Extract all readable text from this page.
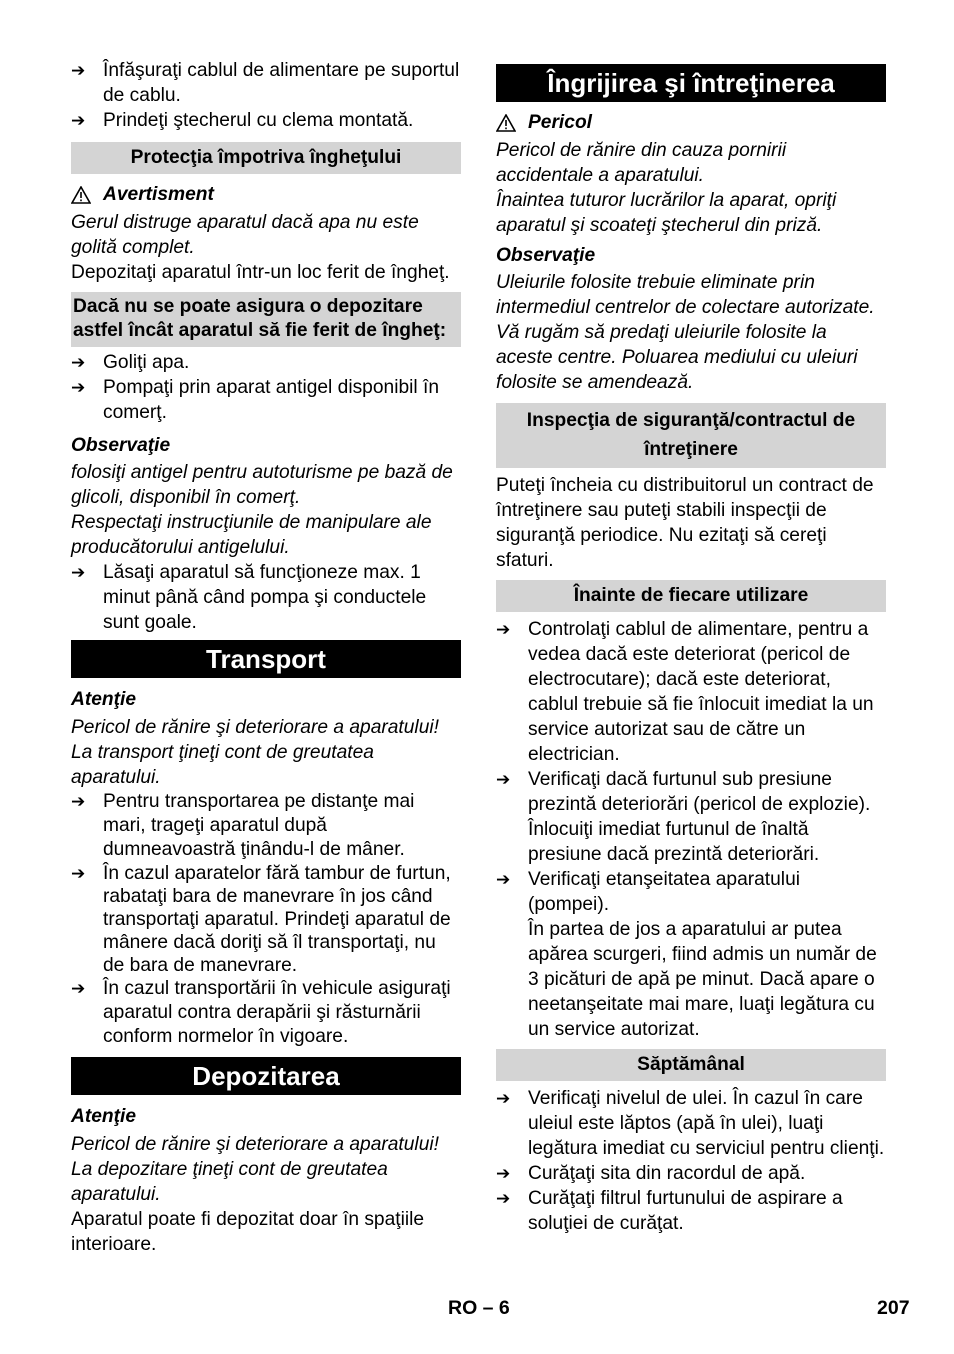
➔ Înfăşuraţi cablul de alimentare pe suportul de cablu.
➔ Prindeţi ştecherul cu clema montată.
Protecţia împotriva îngheţului
Avertisment

Gerul distruge aparatul dacă apa nu este golită complet.

Depozitaţi aparatul într-un loc ferit de îngheţ.

Dacă nu se poate asigura o depozitare astfel încât aparatul să fie ferit de îngheţ:
➔ Goliţi apa.
➔ Pompaţi prin aparat antigel disponibil în comerţ.

Observaţie

folosiţi antigel pentru autoturisme pe bază de glicoli, disponibil în comerţ.

Respectaţi instrucţiunile de manipulare ale producătorului antigelului.

➔ Lăsaţi aparatul să funcţioneze max. 1 minut până când pompa şi conductele sunt goale.
Transport

Atenţie

Pericol de rănire şi deteriorare a aparatului!

La transport ţineţi cont de greutatea aparatului.

➔ Pentru transportarea pe distanţe mai mari, trageţi aparatul după dumneavoastră ţinându-l de mâner.
➔ În cazul aparatelor fără tambur de furtun, rabataţi bara de manevrare în jos când transportaţi aparatul. Prindeţi aparatul de mânere dacă doriţi să îl transportaţi, nu de bara de manevrare.
➔ În cazul transportării în vehicule asiguraţi aparatul contra derapării şi răsturnării conform normelor în vigoare.
Depozitarea

Atenţie

Pericol de rănire şi deteriorare a aparatului!

La depozitare ţineţi cont de greutatea aparatului.

Aparatul poate fi depozitat doar în spaţiile interioare.

Îngrijirea şi întreţinerea
Pericol

Pericol de rănire din cauza pornirii accidentale a aparatului.

Înaintea tuturor lucrărilor la aparat, opriţi aparatul şi scoateţi ştecherul din priză.

Observaţie

Uleiurile folosite trebuie eliminate prin intermediul centrelor de colectare autorizate. Vă rugăm să predaţi uleiurile folosite la aceste centre. Poluarea mediului cu uleiuri folosite se amendează.

Inspecţia de siguranţă/contractul de întreţinere

Puteţi încheia cu distribuitorul un contract de întreţinere sau puteţi stabili inspecţii de siguranţă periodice. Nu ezitaţi să cereţi sfaturi.

Înainte de fiecare utilizare
➔ Controlaţi cablul de alimentare, pentru a vedea dacă este deteriorat (pericol de electrocutare); dacă este deteriorat, cablul trebuie să fie înlocuit imediat la un service autorizat sau de către un electrician.
➔ Verificaţi dacă furtunul sub presiune prezintă deteriorări (pericol de explozie). Înlocuiţi imediat furtunul de înaltă presiune dacă prezintă deteriorări.
➔ Verificaţi etanşeitatea aparatului (pompei).
În partea de jos a aparatului ar putea apărea scurgeri, fiind admis un număr de 3 picături de apă pe minut. Dacă apare o neetanşeitate mai mare, luaţi legătura cu un service autorizat.
Săptămânal
➔ Verificaţi nivelul de ulei. În cazul în care uleiul este lăptos (apă în ulei), luaţi legătura imediat cu serviciul pentru clienţi.
➔ Curăţaţi sita din racordul de apă.
➔ Curăţaţi filtrul furtunului de aspirare a soluţiei de curăţat.
RO – 6	207
